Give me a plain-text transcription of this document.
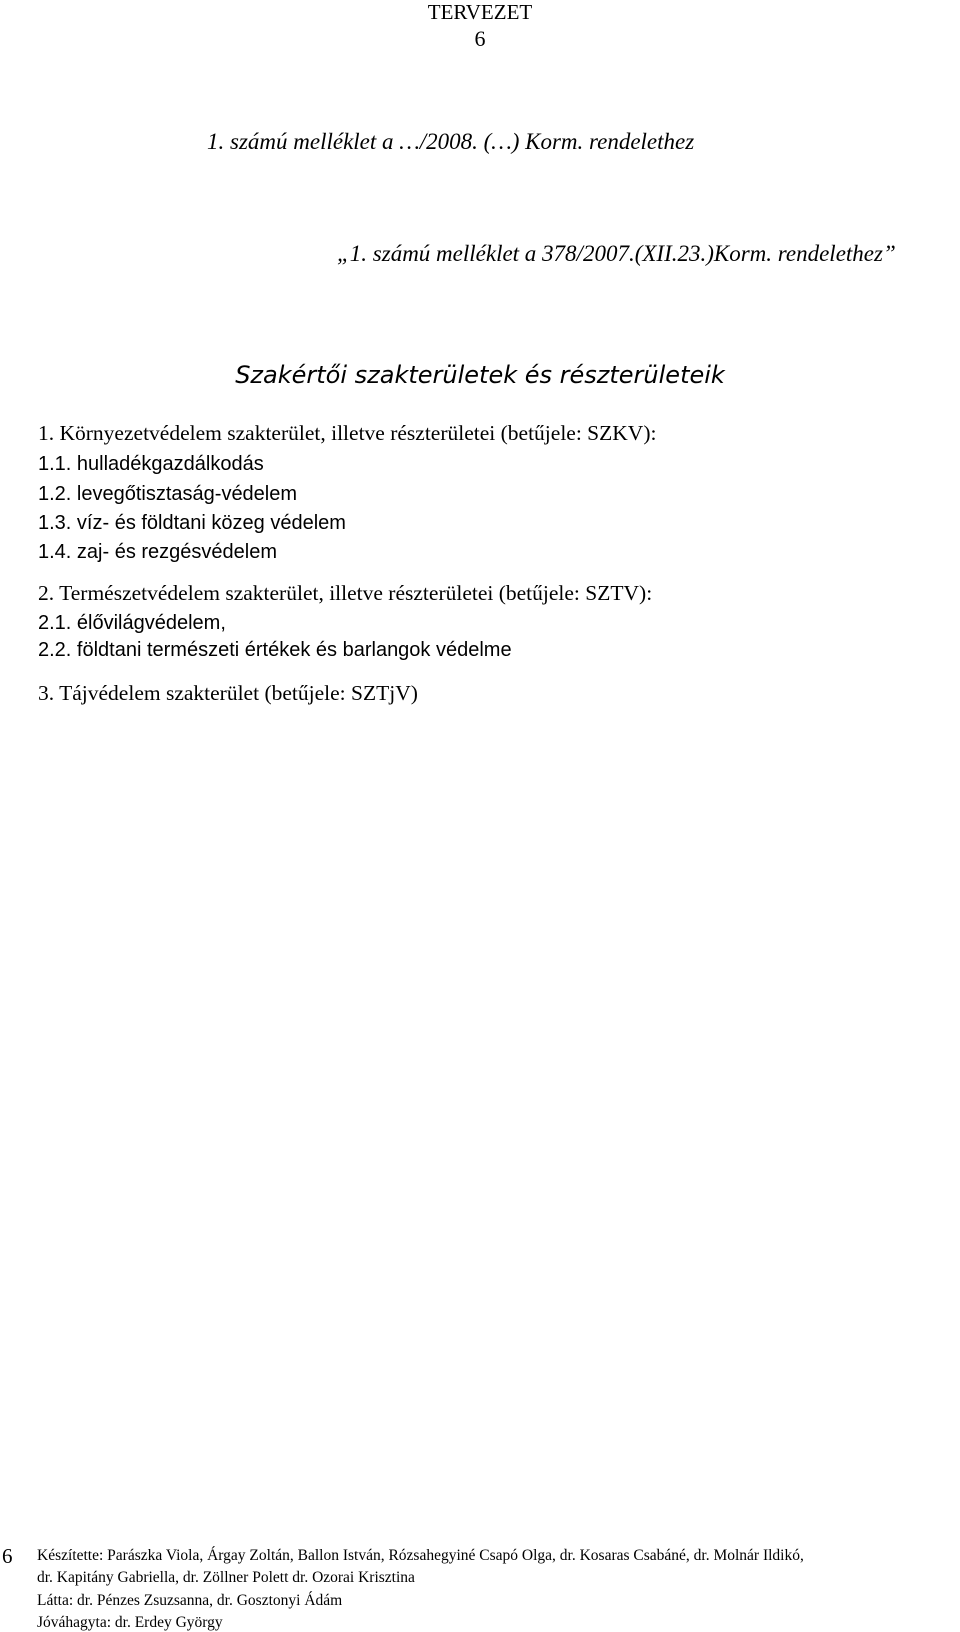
TERVEZET
6
1. számú melléklet a …/2008. (…) Korm. rendelethez
„1. számú melléklet a 378/2007.(XII.23.)Korm. rendelethez”
Szakértői szakterületek és részterületeik
1. Környezetvédelem szakterület, illetve részterületei (betűjele: SZKV):
1.1. hulladékgazdálkodás
1.2. levegőtisztaság-védelem
1.3. víz- és földtani közeg védelem
1.4. zaj- és rezgésvédelem
2. Természetvédelem szakterület, illetve részterületei (betűjele: SZTV):
2.1. élővilágvédelem,
2.2. földtani természeti értékek és barlangok védelme
3. Tájvédelem szakterület (betűjele: SZTjV)
6 Készítette: Parászka Viola, Árgay Zoltán, Ballon István, Rózsahegyiné Csapó Olga, dr. Kosaras Csabáné, dr. Molnár Ildikó,
dr. Kapitány Gabriella, dr. Zöllner Polett dr. Ozorai Krisztina
Látta: dr. Pénzes Zsuzsanna, dr. Gosztonyi Ádám
Jóváhagyta: dr. Erdey György
